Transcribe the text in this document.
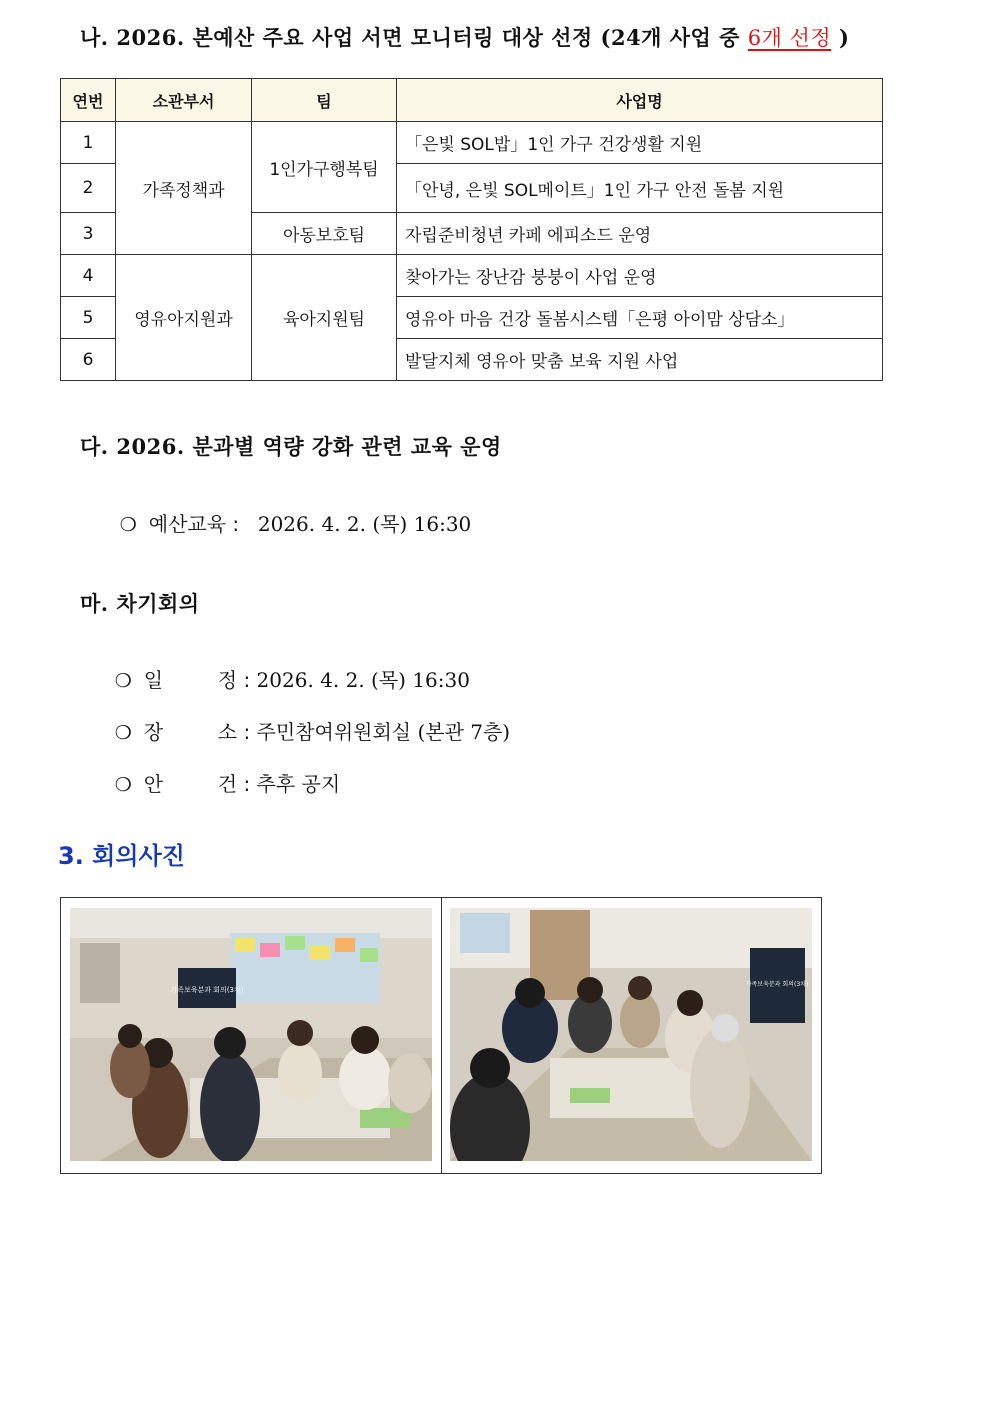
나. 2026. 본예산 주요 사업 서면 모니터링 대상 선정 (24개 사업 중 6개 선정 )
연번	소관부서	팀	사업명
1	가족정책과	1인가구행복팀	「은빛 SOL밥」1인 가구 건강생활 지원
2			「안녕, 은빛 SOL메이트」1인 가구 안전 돌봄 지원
3		아동보호팀	자립준비청년 카페 에피소드 운영
4	영유아지원과	육아지원팀	찾아가는 장난감 붕붕이 사업 운영
5			영유아 마음 건강 돌봄시스템「은평 아이맘 상담소」
6			발달지체 영유아 맞춤 보육 지원 사업
다. 2026. 분과별 역량 강화 관련 교육 운영

❍ 예산교육 :  2026. 4. 2. (목) 16:30

마. 차기회의

❍ 일	정 : 2026. 4. 2. (목) 16:30

❍ 장	소 : 주민참여위원회실 (본관 7층)

❍ 안	건 : 추후 공지

3. 회의사진
가족보육분과 회의(3차)
가족보육분과 회의(3차)
